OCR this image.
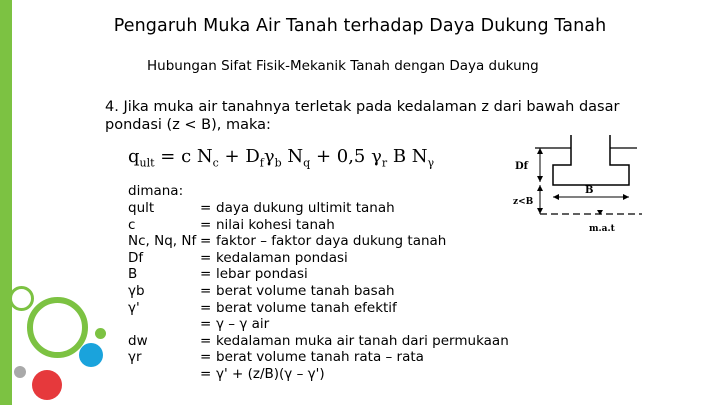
Pengaruh Muka Air Tanah terhadap Daya Dukung Tanah
Hubungan Sifat Fisik-Mekanik Tanah dengan Daya dukung
4. Jika muka air tanahnya terletak pada kedalaman z dari bawah dasar pondasi (z < B), maka:
$q_{ult} = c$ $N_c + D_f\gamma_b$ $N_q + 0,5$ $\gamma_r$ B $N_\gamma$
dimana:
qult	= daya dukung ultimit tanah
c	= nilai kohesi tanah
Nc, Nq, Nf = faktor – faktor daya dukung tanah
Df	= kedalaman pondasi
B	= lebar pondasi
γb	= berat volume tanah basah
γ'	= berat volume tanah efektif
= γ – γ air
dw	= kedalaman muka air tanah dari permukaan
γr	= berat volume tanah rata – rata
= γ' + (z/B)(γ – γ')
Df
B
z<B
m.a.t
